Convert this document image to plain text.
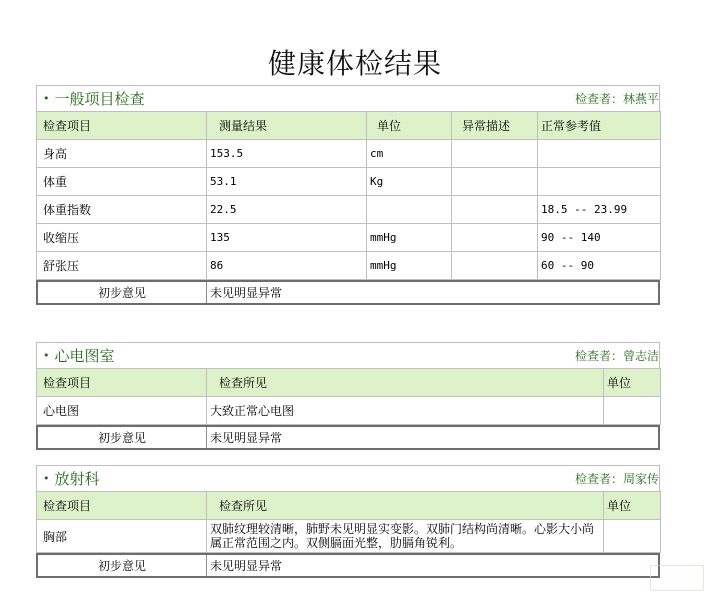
健康体检结果
• 一般项目检查	检查者：林燕平
检查项目	测量结果	单位	异常描述	正常参考值
身高	153.5	cm		
体重	53.1	Kg		
体重指数	22.5			18.5 -- 23.99
收缩压	135	mmHg		90 -- 140
舒张压	86	mmHg		60 -- 90
初步意见	未见明显异常
• 心电图室	检查者：曾志洁
检查项目	检查所见	单位
心电图	大致正常心电图	
初步意见	未见明显异常
• 放射科	检查者：周家传
检查项目	检查所见	单位
胸部	双肺纹理较清晰，肺野未见明显实变影。双肺门结构尚清晰。心影大小尚属正常范围之内。双侧膈面光整，肋膈角锐利。	
初步意见	未见明显异常
